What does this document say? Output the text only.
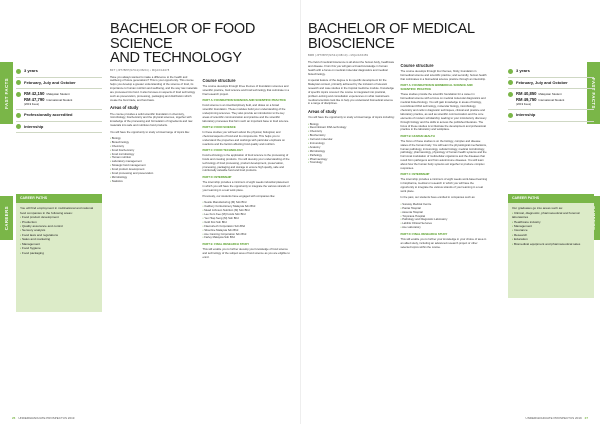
FAST FACTS
CAREERS
FAST FACTS
3 years
February, July and October
RM 42,150 Malaysian Student
RM 47,790 International Student
(2019 Fees)
Professionally accredited
Internship
3 years
February, July and October
RM 40,850 Malaysian Student
RM 49,750 International Student
(2019 Fees)
Internship
CAREER PATHS

You will find employment in multinational and national food companies in the following areas:

• Food product development
• Production
• Quality assurance and control
• Sensory analysis
• Food laws and regulations
• Sales and marketing
• Management
• Food hygiene
• Food packaging
CAREER PATHS

Our graduates go into areas such as:

• Clinical, diagnostic, pharmaceutical and forensic laboratories
• Healthcare industry
• Management
• Insurance
• Research
• Education
• Biomedical equipment and pharmaceutical sales
BACHELOR OF FOOD SCIENCE
AND TECHNOLOGY
BFT (JPT/BPP(N/541)/08/24) • MQA/FA9478

Have you always wanted to make a difference to the health and wellbeing of future generations? This is your opportunity. This course helps you develop a greater understanding of the science of food, its importance to human nutrition and wellbeing, and the way raw materials are processed into food. It also focuses on aspects of food technology such as preservation, processing, packaging and distribution which create the food trade, and food laws.

Areas of study

The course provides a solid scientific foundation in chemistry, microbiology, biochemistry and the physical sciences, together with knowledge of the processing and formulation of ingredients and raw materials into safe and nutritious food products.

You will have the opportunity to study a broad range of topics like:

• Biology
• Biotechnology
• Chemistry
• Food biochemistry
• Food microbiology
• Human nutrition
• Laboratory management
• Strategic food management
• Food product development
• Food processing and preservation
• Microbiology
• Statistics
Course structure

The course develops through three themes of foundation sciences and scientific practice, food science and food technology that culminate in a final research project.

PART A: FOUNDATION SCIENCES AND SCIENTIFIC PRACTICE

Food science is an interdisciplinary field, and draws on a broad scientific foundation. These modules build your understanding of the underpinning sciences. They also provide an introduction to the key areas of scientific communication and practice and the scientific laboratory processes that form such an important base to food science.

PART B: FOOD SCIENCE

In these studies you will learn about the physical, biological, and chemical aspects of food and its components. This helps you to understand the properties and workings with particular emphasis on reactions and the factors affecting food quality and nutrition.

PART C: FOOD TECHNOLOGY

Food technology is the application of food science to the processing of foods and creating products. You will develop your understanding of the technology of food processing, product development, preservation, processing, packaging and storage to ensure high quality, safe and nutritionally valuable food and food products.

PART D: INTERNSHIP

The internship provides a minimum of eight weeks industrial placement in which you will have the opportunity to integrate the various strands of your learning in a real work place.

Previously, our students have engaged with companies like:

• Nestle Manufacturing (M) Sdn Bhd
• Cadbury Confectionery Malaysia Sdn Bhd
• Mead Johnson Nutrition (M) Sdn Bhd
• Lee Kum Kee (M) Foods Sdn Bhd
• Yeo Hiap Seng (M) Sdn Bhd
• Gold Kist Sdn Bhd
• Flavourtech Corporation Sdn Bhd
• Silverline Malaysia Sdn Bhd
• Ace Canning Corporation Sdn Bhd
• Farley Malaysia Sdn Bhd
PART E: FINAL RESEARCH STUDY

This will enable you to further develop your knowledge of food science and technology of the subject area of food science as you are eligible to enrol.

BACHELOR OF MEDICAL
BIOSCIENCE
BMB (JPT/BPP(N/541)/08/19) • MQA/FA5459

The field of medical bioscience is all about the human body, healthcare and disease. From this you will gain a broad knowledge in human health with a focus on medical molecular diagnostics and medical biotechnology.

A special feature of the degree is its specific development for the Malaysian context, primarily achieved by the inclusion of relevant research and case studies in the tropical medicine module. Knowledge of specific topics covered: the course is integrated into practical, problem-solving and consultation experiences on what mainstream medical scientists look like to help you understand biomedical science in a range of disciplines.

Areas of study

You will have the opportunity to study a broad range of topics including:

• Biology
• Recombinant DNA technology
• Chemistry
• Biochemistry
• Cell and molecular
• Immunology
• Anatomy
• Microbiology
• Pathology
• Pharmacology
• Toxicology
Course structure

The course develops through four themes, firstly, foundation in biomedical science and scientific practice; and secondly, human health that culminates in a biomedical science practice through an internship.

PART A: FOUNDATION IN BIOMEDICAL SCIENCE AND SCIENTIFIC PRACTICE

These studies provide the scientific foundation for a career in biomedical science with a focus on medical molecular diagnostics and medical biotechnology. You will gain knowledge in areas of biology, recombinant DNA technology, molecular biology, microbiology, chemistry and cells in diagnostic techniques, clinical and practice and laboratory practice, as well as scientific communication and the core elements of modern scholarship; leading to your introductory discovery through biology and the skills to access the published literature. The focus of these studies is to illustrate the development and professional practice in the laboratory and workplace.

PART B: HUMAN HEALTH

The focus of these studies is on the biology, complex and disease states of the human body. You will learn the physiological mechanisms, human pathology, immunology, cellular biology, medical microbiology, pathology, pharmacology, physiology of human health systems and the hormonal modulation of multicellular organisms and the diseases that result from pathogens and from autoimmune diseases. You will learn about how the human body systems act together to produce complex responses.

PART C: INTERNSHIP

The internship provides a minimum of eight weeks work-based learning in biopharma, medical or research in which you will have the opportunity to integrate the various strands of your learning in a real work place.

In the past, our students have enrolled in companies such as:

• Sunway Medical Centre
• Pantai Hospital
• Assunta Hospital
• Tropicana Hospital
• Pathology and Diagnostic Laboratory
• Lablink Clinical Services
• Ace Laboratory
PART D: FINAL RESEARCH STUDY

This will enable you to further your knowledge in your choice of area in an allied study, including an advanced research project or other selected topics within the course.

26 UNDERGRADUATE PROSPECTUS 2019	UNDERGRADUATE PROSPECTUS 2019 27
